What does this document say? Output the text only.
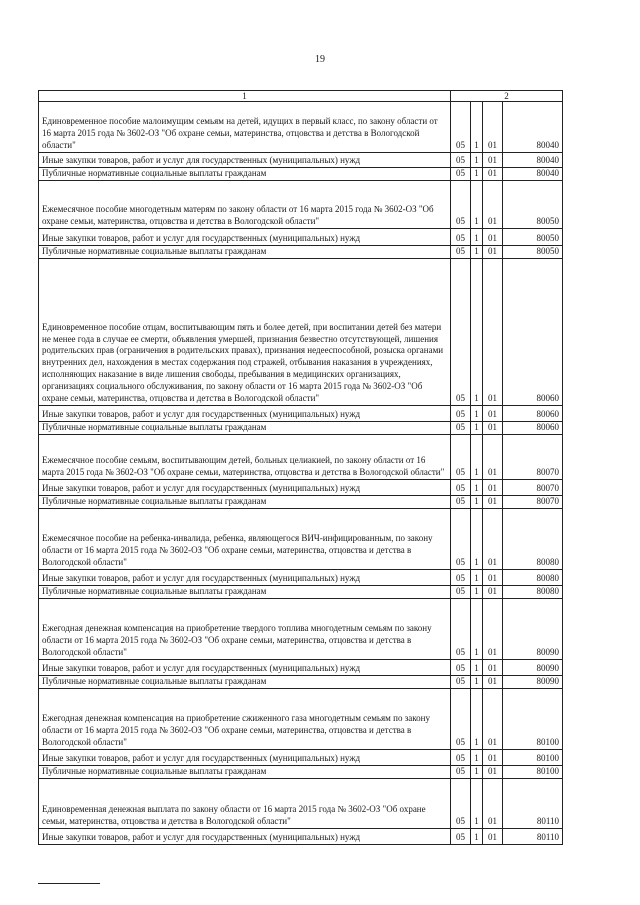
19
1	2			
Единовременное пособие малоимущим семьям на детей, идущих в первый класс, по закону области от 16 марта 2015 года № 3602-ОЗ "Об охране семьи, материнства, отцовства и детства в Вологодской области"	05	1	01	80040
Иные закупки товаров, работ и услуг для государственных (муниципальных) нужд	05	1	01	80040
Публичные нормативные социальные выплаты гражданам	05	1	01	80040
Ежемесячное пособие многодетным матерям по закону области от 16 марта 2015 года № 3602-ОЗ "Об охране семьи, материнства, отцовства и детства в Вологодской области"	05	1	01	80050
Иные закупки товаров, работ и услуг для государственных (муниципальных) нужд	05	1	01	80050
Публичные нормативные социальные выплаты гражданам	05	1	01	80050
Единовременное пособие отцам, воспитывающим пять и более детей, при воспитании детей без матери не менее года в случае ее смерти, объявления умершей, признания безвестно отсутствующей, лишения родительских прав (ограничения в родительских правах), признания недееспособной, розыска органами внутренних дел, нахождения в местах содержания под стражей, отбывания наказания в учреждениях, исполняющих наказание в виде лишения свободы, пребывания в медицинских организациях, организациях социального обслуживания, по закону области от 16 марта 2015 года № 3602-ОЗ "Об охране семьи, материнства, отцовства и детства в Вологодской области"	05	1	01	80060
Иные закупки товаров, работ и услуг для государственных (муниципальных) нужд	05	1	01	80060
Публичные нормативные социальные выплаты гражданам	05	1	01	80060
Ежемесячное пособие семьям, воспитывающим детей, больных целиакией, по закону области от 16 марта 2015 года № 3602-ОЗ "Об охране семьи, материнства, отцовства и детства в Вологодской области"	05	1	01	80070
Иные закупки товаров, работ и услуг для государственных (муниципальных) нужд	05	1	01	80070
Публичные нормативные социальные выплаты гражданам	05	1	01	80070
Ежемесячное пособие на ребенка-инвалида, ребенка, являющегося ВИЧ-инфицированным, по закону области от 16 марта 2015 года № 3602-ОЗ "Об охране семьи, материнства, отцовства и детства в Вологодской области"	05	1	01	80080
Иные закупки товаров, работ и услуг для государственных (муниципальных) нужд	05	1	01	80080
Публичные нормативные социальные выплаты гражданам	05	1	01	80080
Ежегодная денежная компенсация на приобретение твердого топлива многодетным семьям по закону области от 16 марта 2015 года № 3602-ОЗ "Об охране семьи, материнства, отцовства и детства в Вологодской области"	05	1	01	80090
Иные закупки товаров, работ и услуг для государственных (муниципальных) нужд	05	1	01	80090
Публичные нормативные социальные выплаты гражданам	05	1	01	80090
Ежегодная денежная компенсация на приобретение сжиженного газа многодетным семьям по закону области от 16 марта 2015 года № 3602-ОЗ "Об охране семьи, материнства, отцовства и детства в Вологодской области"	05	1	01	80100
Иные закупки товаров, работ и услуг для государственных (муниципальных) нужд	05	1	01	80100
Публичные нормативные социальные выплаты гражданам	05	1	01	80100
Единовременная денежная выплата по закону области от 16 марта 2015 года № 3602-ОЗ "Об охране семьи, материнства, отцовства и детства в Вологодской области"	05	1	01	80110
Иные закупки товаров, работ и услуг для государственных (муниципальных) нужд	05	1	01	80110
